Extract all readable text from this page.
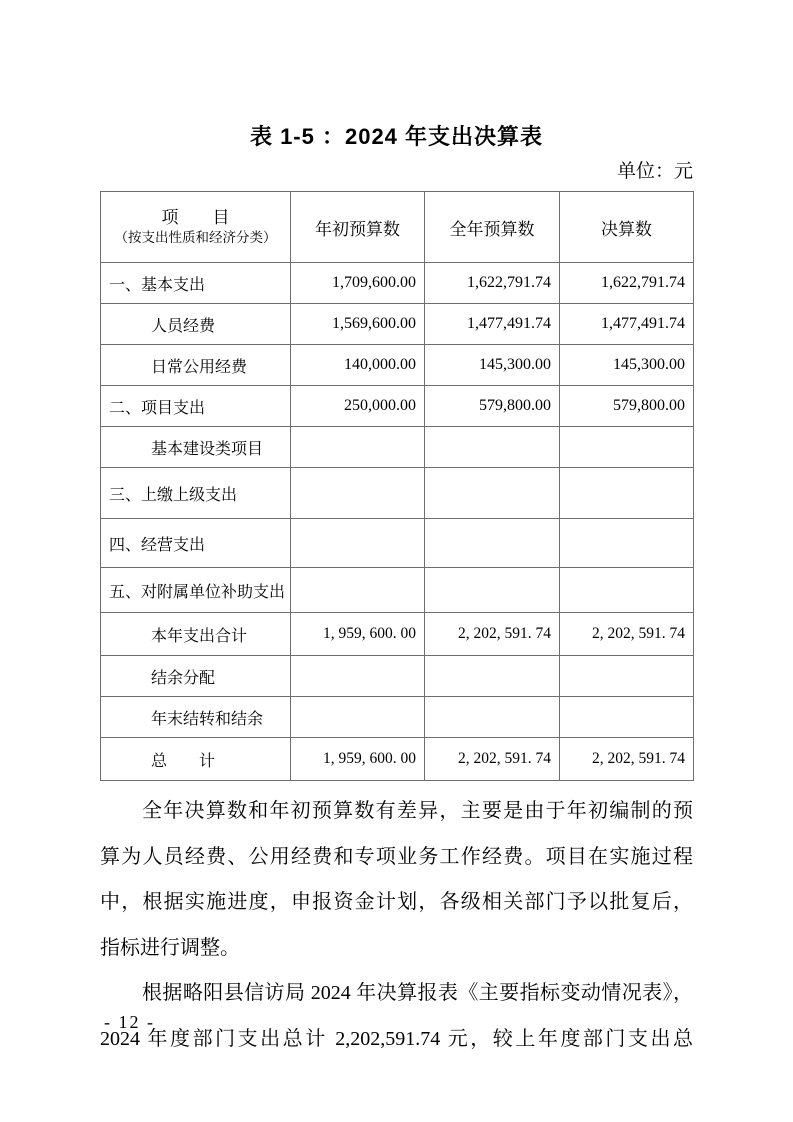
表 1-5 ：2024 年支出决算表
单位：元
项　　目
（按支出性质和经济分类）	年初预算数	全年预算数	决算数
一、基本支出	1,709,600.00	1,622,791.74	1,622,791.74
人员经费	1,569,600.00	1,477,491.74	1,477,491.74
日常公用经费	140,000.00	145,300.00	145,300.00
二、项目支出	250,000.00	579,800.00	579,800.00
基本建设类项目			
三、上缴上级支出			
四、经营支出			
五、对附属单位补助支出			
本年支出合计	1, 959, 600. 00	2, 202, 591. 74	2, 202, 591. 74
结余分配			
年末结转和结余			
总　　计	1, 959, 600. 00	2, 202, 591. 74	2, 202, 591. 74
全年决算数和年初预算数有差异，主要是由于年初编制的预
算为人员经费、公用经费和专项业务工作经费。项目在实施过程
中，根据实施进度，申报资金计划，各级相关部门予以批复后，
指标进行调整。
根据略阳县信访局 2024 年决算报表《主要指标变动情况表》，
2024 年度部门支出总计 2,202,591.74 元，较上年度部门支出总
- 12 -
